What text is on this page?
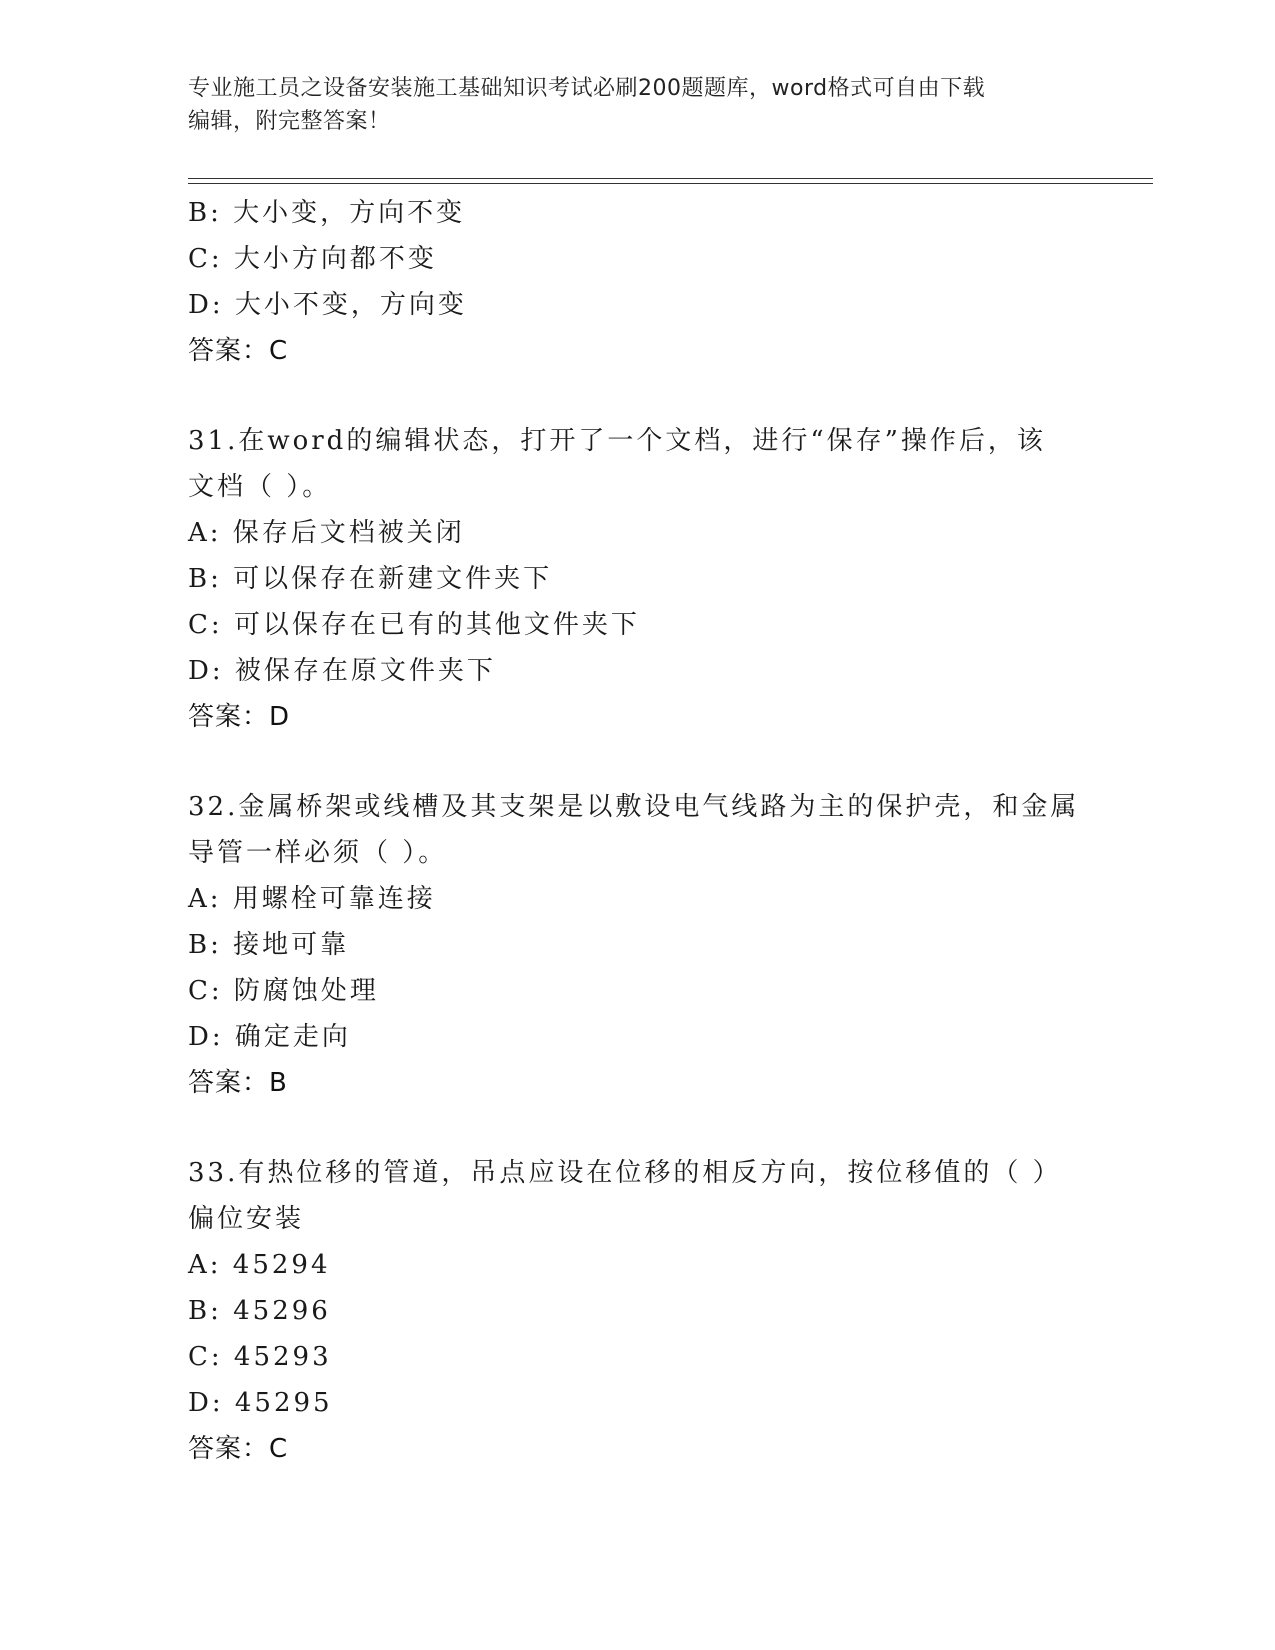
专业施工员之设备安装施工基础知识考试必刷200题题库，word格式可自由下载
编辑，附完整答案！
B: 大小变，方向不变
C: 大小方向都不变
D: 大小不变，方向变
答案：C
31.在word的编辑状态，打开了一个文档，进行“保存”操作后，该
文档（ ）。
A: 保存后文档被关闭
B: 可以保存在新建文件夹下
C: 可以保存在已有的其他文件夹下
D: 被保存在原文件夹下
答案：D
32.金属桥架或线槽及其支架是以敷设电气线路为主的保护壳，和金属
导管一样必须（ ）。
A: 用螺栓可靠连接
B: 接地可靠
C: 防腐蚀处理
D: 确定走向
答案：B
33.有热位移的管道，吊点应设在位移的相反方向，按位移值的（ ）
偏位安装
A: 45294
B: 45296
C: 45293
D: 45295
答案：C
